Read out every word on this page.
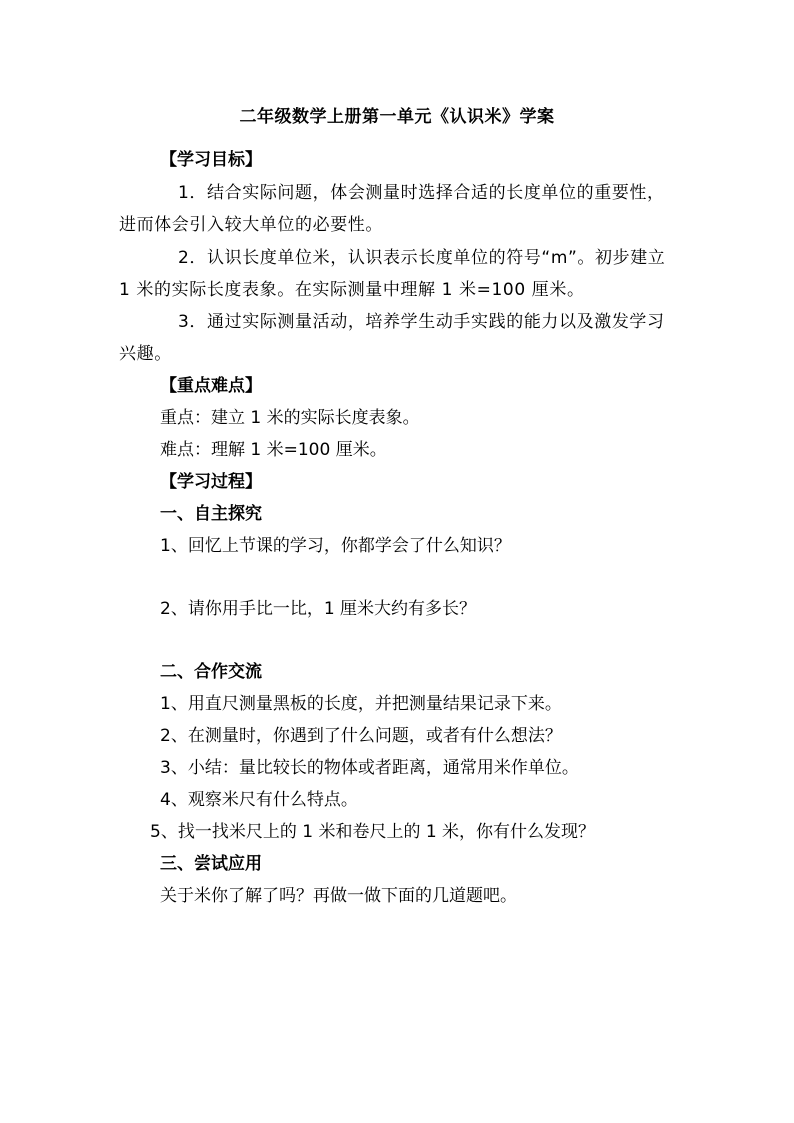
二年级数学上册第一单元《认识米》学案
【学习目标】
1．结合实际问题，体会测量时选择合适的长度单位的重要性，
进而体会引入较大单位的必要性。
2．认识长度单位米，认识表示长度单位的符号“m”。初步建立
1 米的实际长度表象。在实际测量中理解 1 米=100 厘米。
3．通过实际测量活动，培养学生动手实践的能力以及激发学习
兴趣。
【重点难点】
重点：建立 1 米的实际长度表象。
难点：理解 1 米=100 厘米。
【学习过程】
一、自主探究
1、回忆上节课的学习，你都学会了什么知识？
2、请你用手比一比，1 厘米大约有多长？
二、合作交流
1、用直尺测量黑板的长度，并把测量结果记录下来。
2、在测量时，你遇到了什么问题，或者有什么想法？
3、小结：量比较长的物体或者距离，通常用米作单位。
4、观察米尺有什么特点。
5、找一找米尺上的 1 米和卷尺上的 1 米，你有什么发现？
三、尝试应用
关于米你了解了吗？再做一做下面的几道题吧。
